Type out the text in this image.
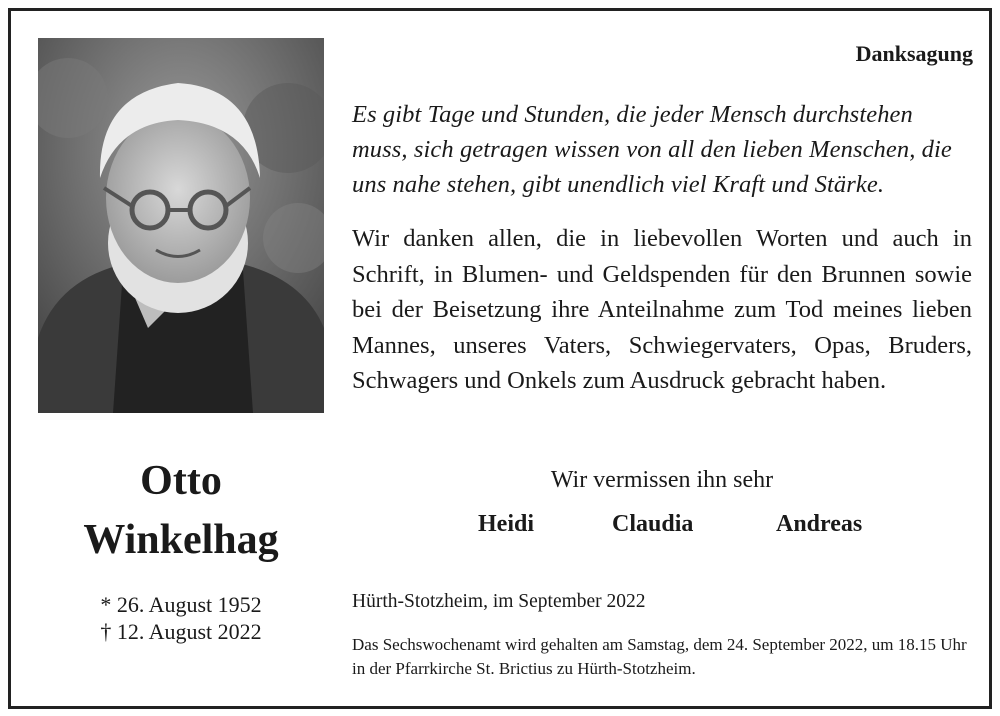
Danksagung
Es gibt Tage und Stunden, die jeder Mensch durchstehen muss, sich getragen wissen von all den lieben Menschen, die uns nahe stehen, gibt unendlich viel Kraft und Stärke.
Wir danken allen, die in liebevollen Worten und auch in Schrift, in Blumen- und Geldspenden für den Brunnen sowie bei der Beisetzung ihre Anteilnahme zum Tod meines lieben Mannes, unseres Vaters, Schwiegervaters, Opas, Bruders, Schwagers und Onkels zum Ausdruck gebracht haben.
Otto
Winkelhag
* 26. August 1952
† 12. August 2022
Wir vermissen ihn sehr
Heidi	Claudia	Andreas
Hürth-Stotzheim, im September 2022
Das Sechswochenamt wird gehalten am Samstag, dem 24. September 2022, um 18.15 Uhr in der Pfarrkirche St. Brictius zu Hürth-Stotzheim.
